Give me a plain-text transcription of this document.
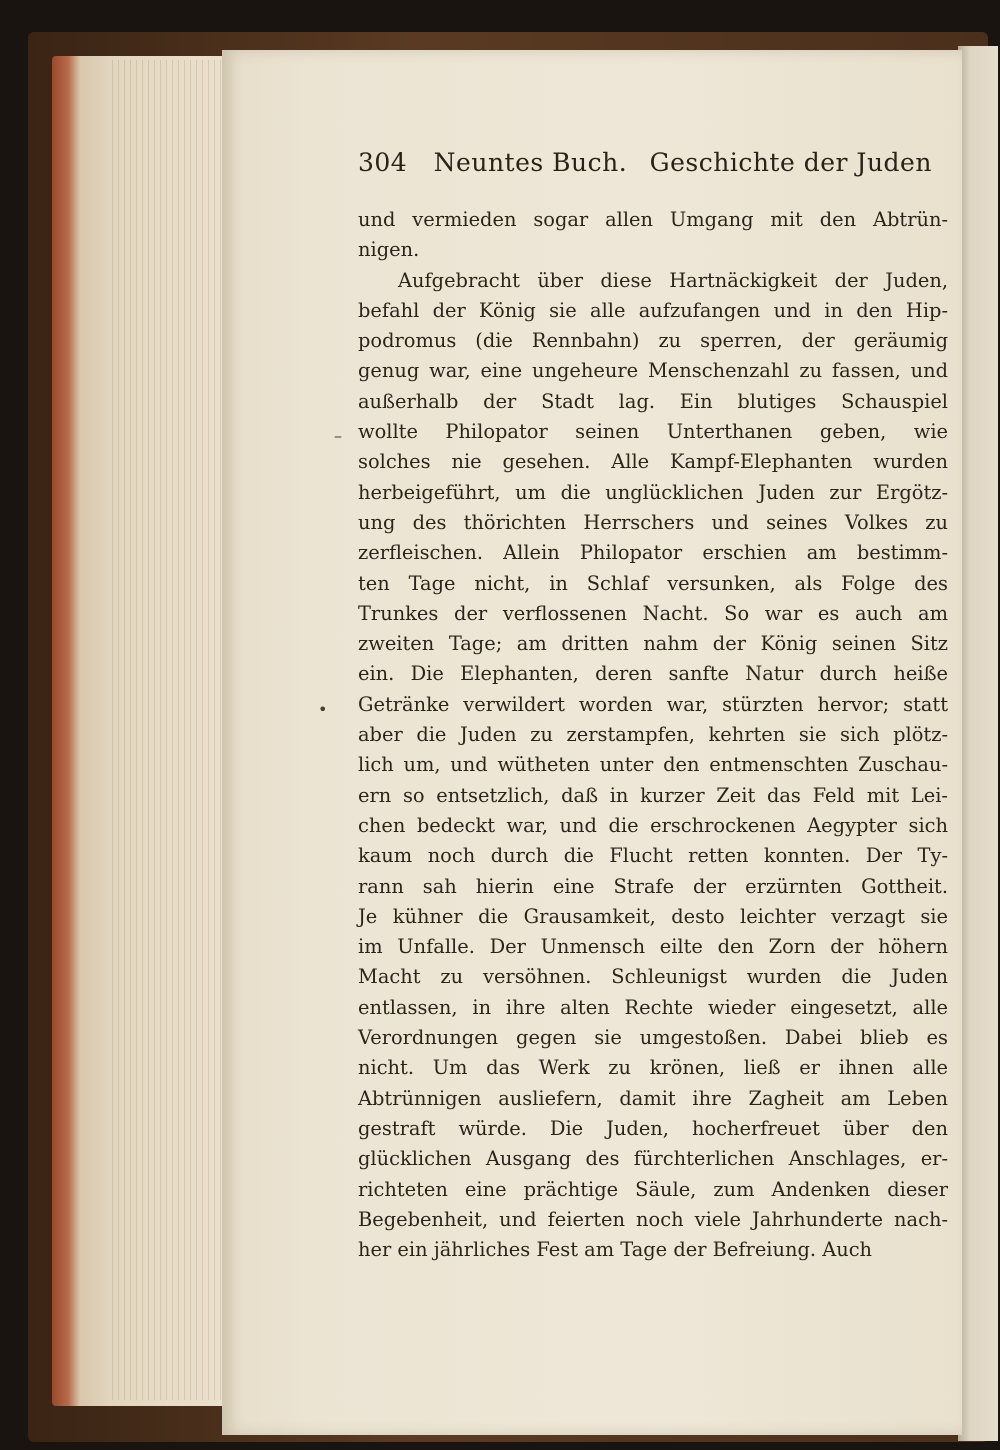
304 Neuntes Buch. Geschichte der Juden
–
•
und vermieden sogar allen Umgang mit den Abtrün-
nigen.
Aufgebracht über diese Hartnäckigkeit der Juden,
befahl der König sie alle aufzufangen und in den Hip-
podromus (die Rennbahn) zu sperren, der geräumig
genug war, eine ungeheure Menschenzahl zu fassen, und
außerhalb der Stadt lag. Ein blutiges Schauspiel
wollte Philopator seinen Unterthanen geben, wie
solches nie gesehen. Alle Kampf-Elephanten wurden
herbeigeführt, um die unglücklichen Juden zur Ergötz-
ung des thörichten Herrschers und seines Volkes zu
zerfleischen. Allein Philopator erschien am bestimm-
ten Tage nicht, in Schlaf versunken, als Folge des
Trunkes der verflossenen Nacht. So war es auch am
zweiten Tage; am dritten nahm der König seinen Sitz
ein. Die Elephanten, deren sanfte Natur durch heiße
Getränke verwildert worden war, stürzten hervor; statt
aber die Juden zu zerstampfen, kehrten sie sich plötz-
lich um, und wütheten unter den entmenschten Zuschau-
ern so entsetzlich, daß in kurzer Zeit das Feld mit Lei-
chen bedeckt war, und die erschrockenen Aegypter sich
kaum noch durch die Flucht retten konnten. Der Ty-
rann sah hierin eine Strafe der erzürnten Gottheit.
Je kühner die Grausamkeit, desto leichter verzagt sie
im Unfalle. Der Unmensch eilte den Zorn der höhern
Macht zu versöhnen. Schleunigst wurden die Juden
entlassen, in ihre alten Rechte wieder eingesetzt, alle
Verordnungen gegen sie umgestoßen. Dabei blieb es
nicht. Um das Werk zu krönen, ließ er ihnen alle
Abtrünnigen ausliefern, damit ihre Zagheit am Leben
gestraft würde. Die Juden, hocherfreuet über den
glücklichen Ausgang des fürchterlichen Anschlages, er-
richteten eine prächtige Säule, zum Andenken dieser
Begebenheit, und feierten noch viele Jahrhunderte nach-
her ein jährliches Fest am Tage der Befreiung. Auch
